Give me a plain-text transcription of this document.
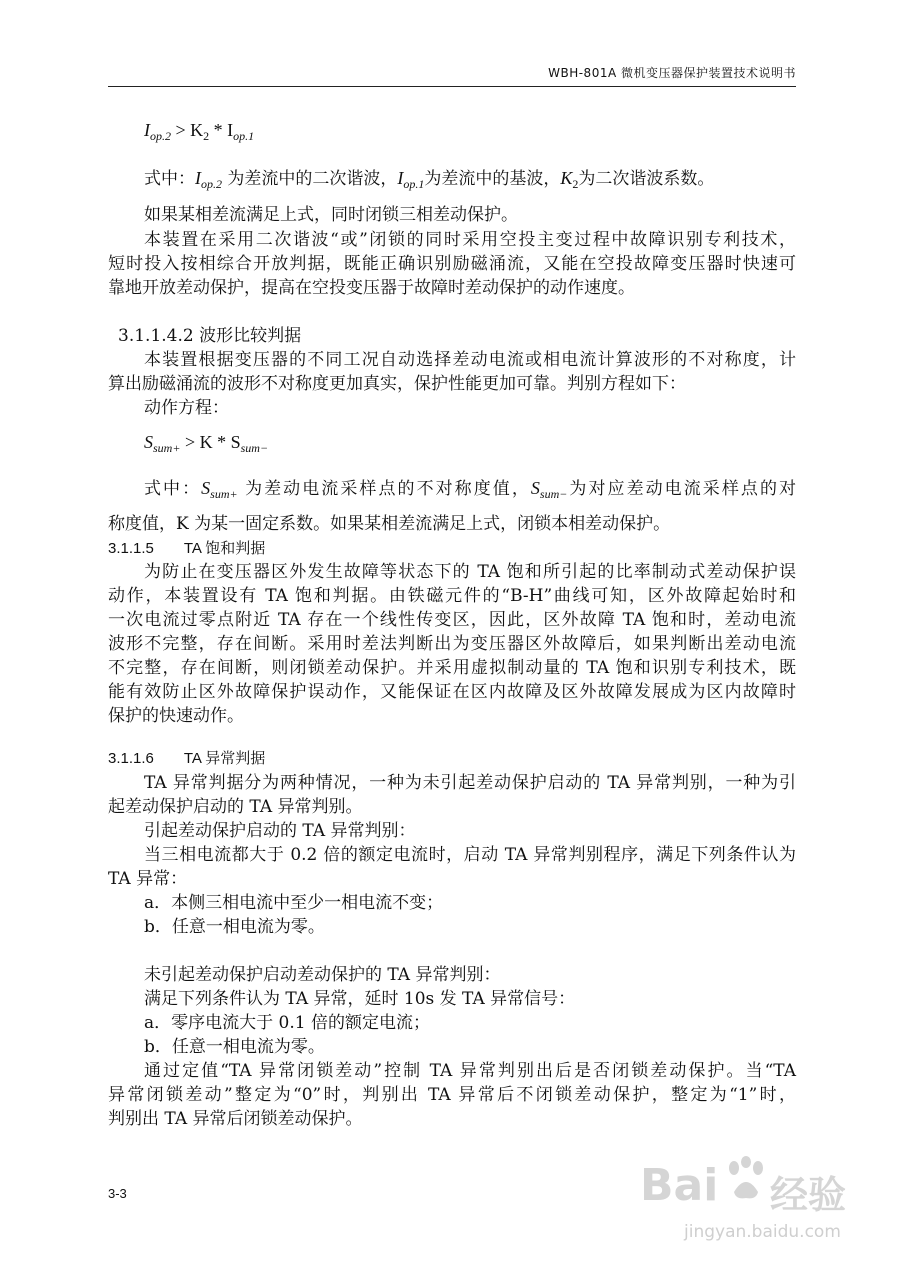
WBH-801A 微机变压器保护装置技术说明书
$I_{op.2} > K_2 * I_{op.1}$
式中：$I_{op.2}$ 为差流中的二次谐波，$I_{op.1}$为差流中的基波，$K_2$为二次谐波系数。
如果某相差流满足上式，同时闭锁三相差动保护。
本装置在采用二次谐波“或”闭锁的同时采用空投主变过程中故障识别专利技术，
短时投入按相综合开放判据，既能正确识别励磁涌流，又能在空投故障变压器时快速可
靠地开放差动保护，提高在空投变压器于故障时差动保护的动作速度。
3.1.1.4.2 波形比较判据
本装置根据变压器的不同工况自动选择差动电流或相电流计算波形的不对称度，计
算出励磁涌流的波形不对称度更加真实，保护性能更加可靠。判别方程如下：
动作方程：
$S_{sum+} > K * S_{sum-}$
式中：$S_{sum+}$ 为差动电流采样点的不对称度值，$S_{sum-}$为对应差动电流采样点的对
称度值，K 为某一固定系数。如果某相差流满足上式，闭锁本相差动保护。
3.1.1.5 TA 饱和判据
为防止在变压器区外发生故障等状态下的 TA 饱和所引起的比率制动式差动保护误
动作，本装置设有 TA 饱和判据。由铁磁元件的“B-H”曲线可知，区外故障起始时和
一次电流过零点附近 TA 存在一个线性传变区，因此，区外故障 TA 饱和时，差动电流
波形不完整，存在间断。采用时差法判断出为变压器区外故障后，如果判断出差动电流
不完整，存在间断，则闭锁差动保护。并采用虚拟制动量的 TA 饱和识别专利技术，既
能有效防止区外故障保护误动作，又能保证在区内故障及区外故障发展成为区内故障时
保护的快速动作。
3.1.1.6 TA 异常判据
TA 异常判据分为两种情况，一种为未引起差动保护启动的 TA 异常判别，一种为引
起差动保护启动的 TA 异常判别。
引起差动保护启动的 TA 异常判别：
当三相电流都大于 0.2 倍的额定电流时，启动 TA 异常判别程序，满足下列条件认为
TA 异常：
a．本侧三相电流中至少一相电流不变；
b．任意一相电流为零。
未引起差动保护启动差动保护的 TA 异常判别：
满足下列条件认为 TA 异常，延时 10s 发 TA 异常信号：
a．零序电流大于 0.1 倍的额定电流；
b．任意一相电流为零。
通过定值“TA 异常闭锁差动”控制 TA 异常判别出后是否闭锁差动保护。当“TA
异常闭锁差动”整定为“0”时，判别出 TA 异常后不闭锁差动保护，整定为“1”时，
判别出 TA 异常后闭锁差动保护。
3-3	Bai 经验
jingyan.baidu.com
